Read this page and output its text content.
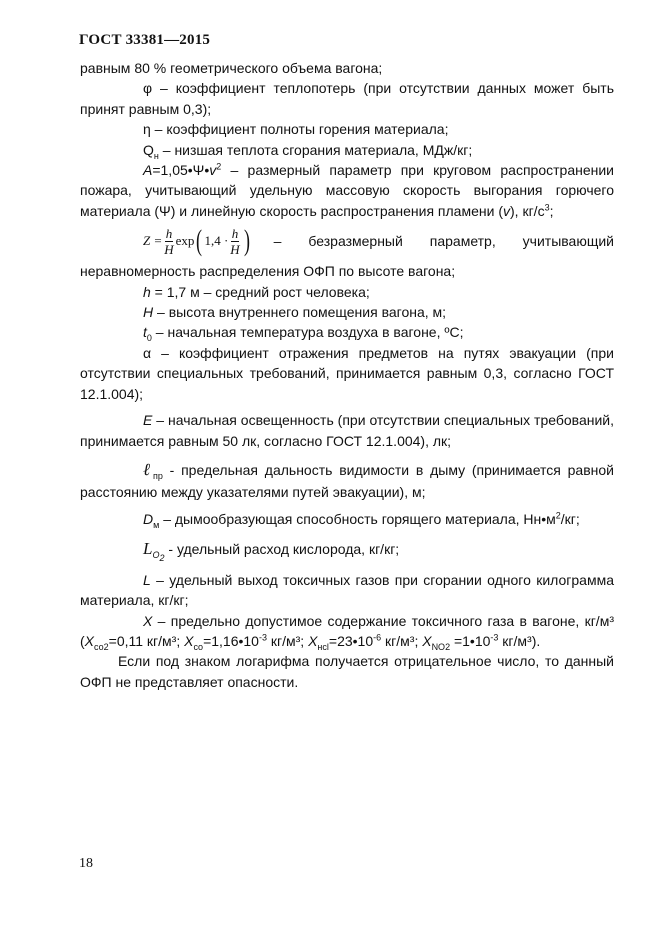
ГОСТ 33381—2015

равным 80 % геометрического объема вагона;

φ – коэффициент теплопотерь (при отсутствии данных может быть принят равным 0,3);

η – коэффициент полноты горения материала;

$Q_н$ – низшая теплота сгорания материала, МДж/кг;

$A=1,05•\Psi•v^2$ – размерный параметр при круговом распространении пожара, учитывающий удельную массовую скорость выгорания горючего материала (Ψ) и линейную скорость распространения пламени (v), $кг/с^3$;

$Z = \frac{h}{H}$ exp ( $1,4 \cdot \frac{h}{H}$ ) – безразмерный параметр, учитывающий

неравномерность распределения ОФП по высоте вагона;

h = 1,7 м – средний рост человека;

H – высота внутреннего помещения вагона, м;

$t_0$ – начальная температура воздуха в вагоне, ºС;

α – коэффициент отражения предметов на путях эвакуации (при отсутствии специальных требований, принимается равным 0,3, согласно ГОСТ 12.1.004);

E – начальная освещенность (при отсутствии специальных требований, принимается равным 50 лк, согласно ГОСТ 12.1.004), лк;

ℓ$_{пр}$ - предельная дальность видимости в дыму (принимается равной расстоянию между указателями путей эвакуации), м;

$D_м$ – дымообразующая способность горящего материала, $Нн•м^2/кг$;

$L_{O_2}$ - удельный расход кислорода, кг/кг;

L – удельный выход токсичных газов при сгорании одного килограмма материала, кг/кг;

X – предельно допустимое содержание токсичного газа в вагоне, кг/м³ ($X_{со2}=0,11$ кг/м³; $X_{со}=1,16•10^{-3}$ кг/м³; $X_{нcl}=23•10^{-6}$ кг/м³; $X_{NO2}$ $=1•10^{-3}$ кг/м³).

Если под знаком логарифма получается отрицательное число, то данный ОФП не представляет опасности.

18
